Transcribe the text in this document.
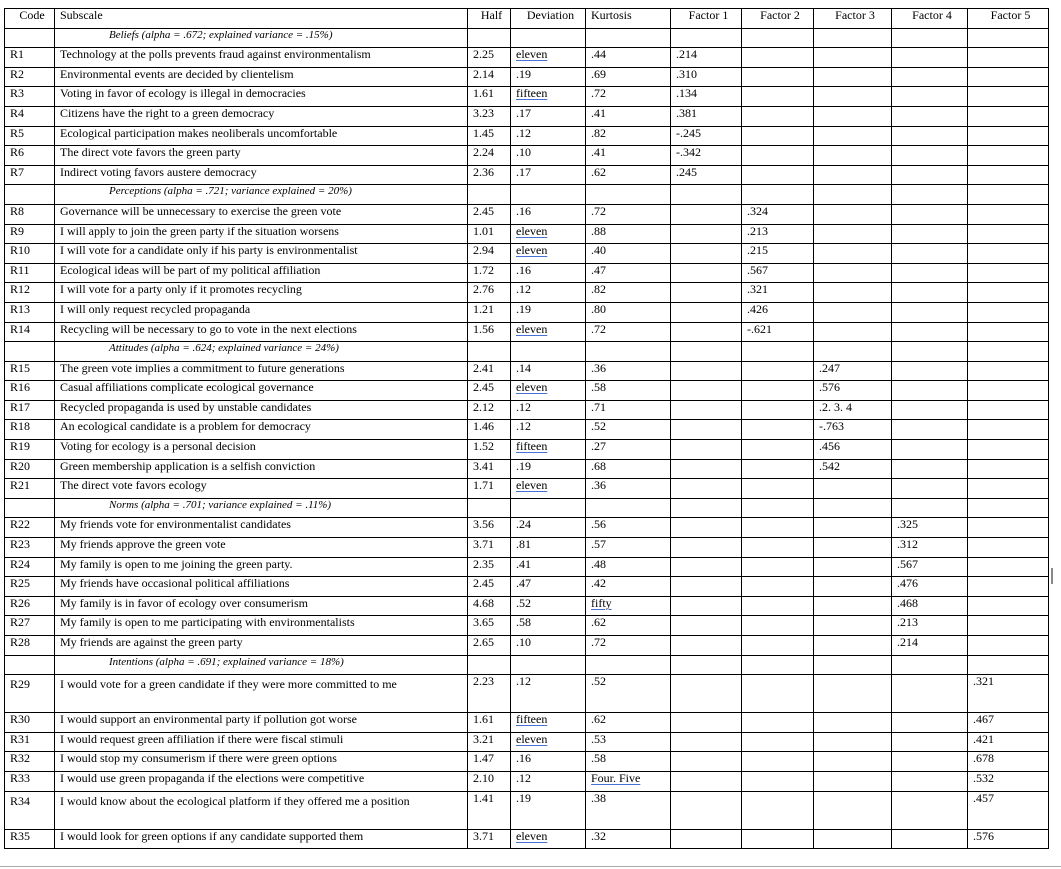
Code	Subscale	Half	Deviation	Kurtosis	Factor 1	Factor 2	Factor 3	Factor 4	Factor 5
	Beliefs (alpha = .672; explained variance = .15%)								
R1	Technology at the polls prevents fraud against environmentalism	2.25	eleven	.44	.214				
R2	Environmental events are decided by clientelism	2.14	.19	.69	.310				
R3	Voting in favor of ecology is illegal in democracies	1.61	fifteen	.72	.134				
R4	Citizens have the right to a green democracy	3.23	.17	.41	.381				
R5	Ecological participation makes neoliberals uncomfortable	1.45	.12	.82	-.245				
R6	The direct vote favors the green party	2.24	.10	.41	-.342				
R7	Indirect voting favors austere democracy	2.36	.17	.62	.245				
	Perceptions (alpha = .721; variance explained = 20%)								
R8	Governance will be unnecessary to exercise the green vote	2.45	.16	.72		.324			
R9	I will apply to join the green party if the situation worsens	1.01	eleven	.88		.213			
R10	I will vote for a candidate only if his party is environmentalist	2.94	eleven	.40		.215			
R11	Ecological ideas will be part of my political affiliation	1.72	.16	.47		.567			
R12	I will vote for a party only if it promotes recycling	2.76	.12	.82		.321			
R13	I will only request recycled propaganda	1.21	.19	.80		.426			
R14	Recycling will be necessary to go to vote in the next elections	1.56	eleven	.72		-.621			
	Attitudes (alpha = .624; explained variance = 24%)								
R15	The green vote implies a commitment to future generations	2.41	.14	.36			.247		
R16	Casual affiliations complicate ecological governance	2.45	eleven	.58			.576		
R17	Recycled propaganda is used by unstable candidates	2.12	.12	.71			.2. 3. 4		
R18	An ecological candidate is a problem for democracy	1.46	.12	.52			-.763		
R19	Voting for ecology is a personal decision	1.52	fifteen	.27			.456		
R20	Green membership application is a selfish conviction	3.41	.19	.68			.542		
R21	The direct vote favors ecology	1.71	eleven	.36					
	Norms (alpha = .701; variance explained = .11%)								
R22	My friends vote for environmentalist candidates	3.56	.24	.56				.325	
R23	My friends approve the green vote	3.71	.81	.57				.312	
R24	My family is open to me joining the green party.	2.35	.41	.48				.567	
R25	My friends have occasional political affiliations	2.45	.47	.42				.476	
R26	My family is in favor of ecology over consumerism	4.68	.52	fifty				.468	
R27	My family is open to me participating with environmentalists	3.65	.58	.62				.213	
R28	My friends are against the green party	2.65	.10	.72				.214	
	Intentions (alpha = .691; explained variance = 18%)								
R29	I would vote for a green candidate if they were more committed to me	2.23	.12	.52					.321
R30	I would support an environmental party if pollution got worse	1.61	fifteen	.62					.467
R31	I would request green affiliation if there were fiscal stimuli	3.21	eleven	.53					.421
R32	I would stop my consumerism if there were green options	1.47	.16	.58					.678
R33	I would use green propaganda if the elections were competitive	2.10	.12	Four. Five					.532
R34	I would know about the ecological platform if they offered me a position	1.41	.19	.38					.457
R35	I would look for green options if any candidate supported them	3.71	eleven	.32					.576
